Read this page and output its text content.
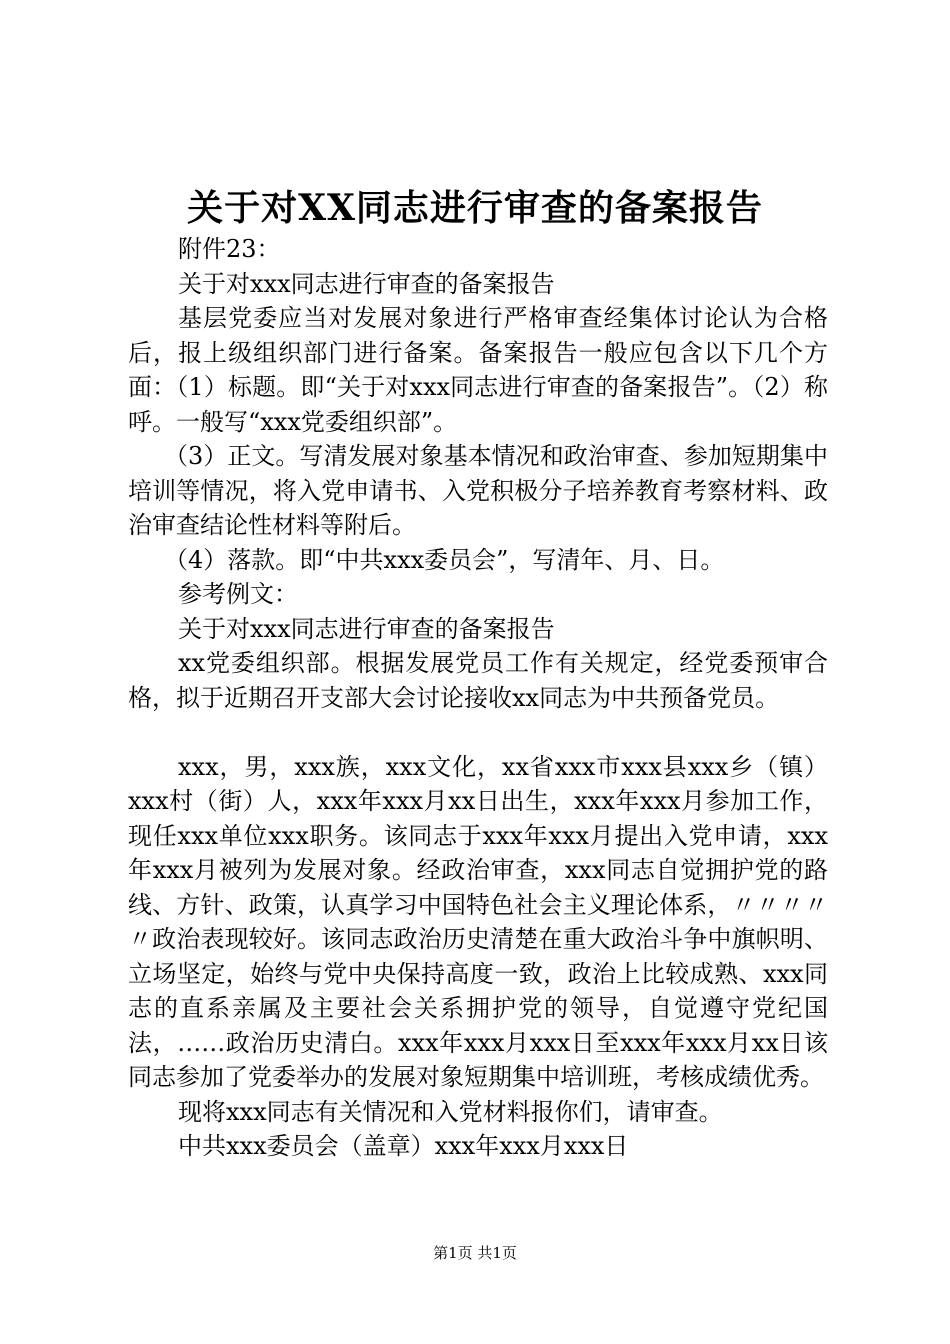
关于对XX同志进行审查的备案报告

附件23：

关于对xxx同志进行审查的备案报告

基层党委应当对发展对象进行严格审查经集体讨论认为合格后，报上级组织部门进行备案。备案报告一般应包含以下几个方面：（1）标题。即“关于对xxx同志进行审查的备案报告”。（2）称呼。一般写“xxx党委组织部”。

（3）正文。写清发展对象基本情况和政治审查、参加短期集中培训等情况，将入党申请书、入党积极分子培养教育考察材料、政治审查结论性材料等附后。

（4）落款。即“中共xxx委员会”，写清年、月、日。

参考例文：

关于对xxx同志进行审查的备案报告

xx党委组织部。根据发展党员工作有关规定，经党委预审合格，拟于近期召开支部大会讨论接收xx同志为中共预备党员。

xxx，男，xxx族，xxx文化，xx省xxx市xxx县xxx乡（镇）xxx村（街）人，xxx年xxx月xx日出生，xxx年xxx月参加工作，现任xxx单位xxx职务。该同志于xxx年xxx月提出入党申请，xxx年xxx月被列为发展对象。经政治审查，xxx同志自觉拥护党的路线、方针、政策，认真学习中国特色社会主义理论体系，〃〃〃〃〃政治表现较好。该同志政治历史清楚在重大政治斗争中旗帜明、立场坚定，始终与党中央保持高度一致，政治上比较成熟、xxx同志的直系亲属及主要社会关系拥护党的领导，自觉遵守党纪国法，……政治历史清白。xxx年xxx月xxx日至xxx年xxx月xx日该同志参加了党委举办的发展对象短期集中培训班，考核成绩优秀。

现将xxx同志有关情况和入党材料报你们，请审查。

中共xxx委员会（盖章）xxx年xxx月xxx日

第1页 共1页
